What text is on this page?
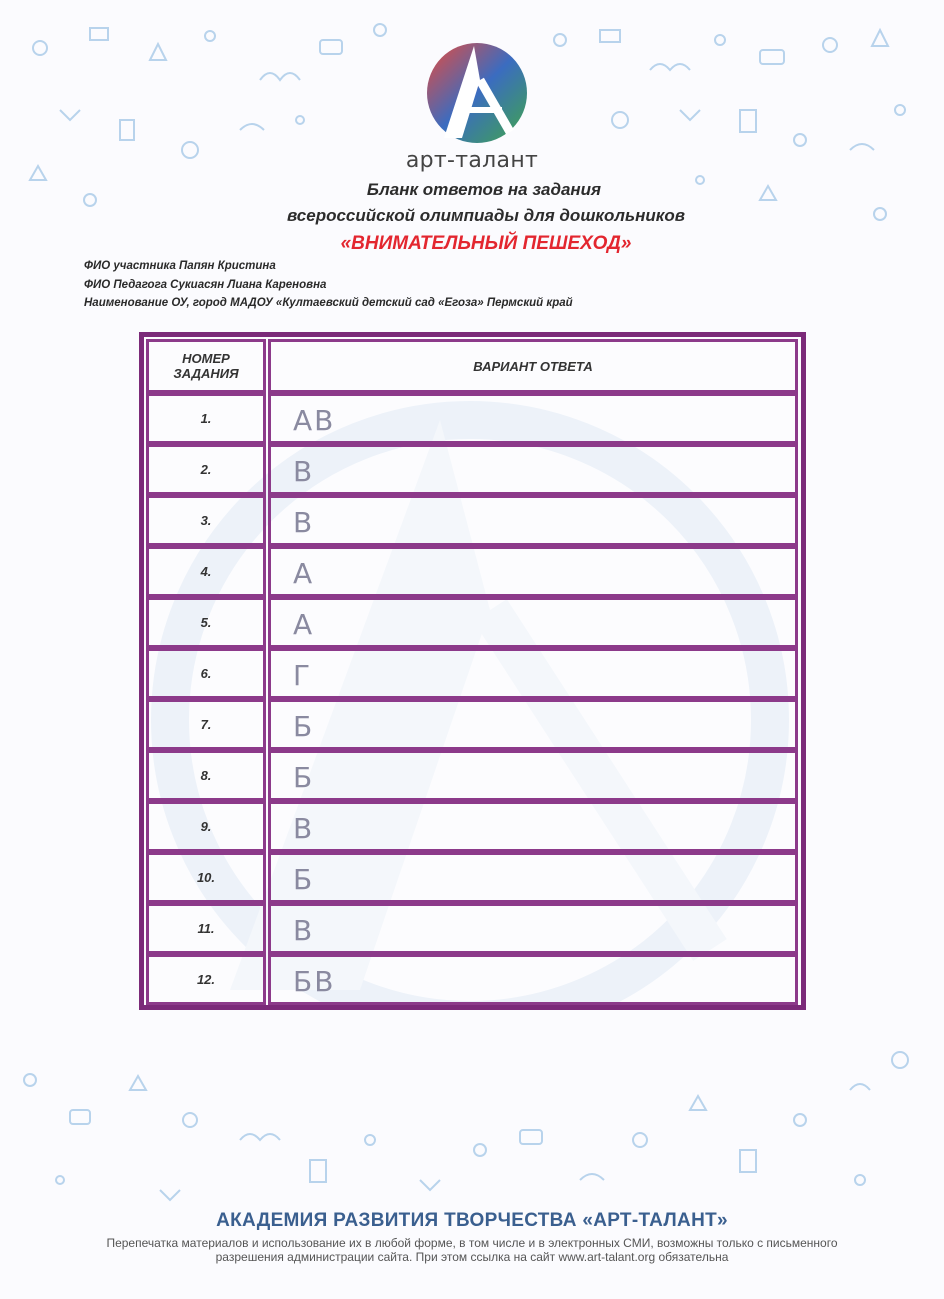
арт-талант
Бланк ответов на задания
всероссийской олимпиады для дошкольников
«ВНИМАТЕЛЬНЫЙ ПЕШЕХОД»
ФИО участника Папян Кристина
ФИО Педагога Сукиасян Лиана Кареновна
Наименование ОУ, город МАДОУ «Култаевский детский сад «Егоза» Пермский край
НОМЕР ЗАДАНИЯ	ВАРИАНТ ОТВЕТА
1.	АВ
2.	В
3.	В
4.	А
5.	А
6.	Г
7.	Б
8.	Б
9.	В
10.	Б
11.	В
12.	БВ
АКАДЕМИЯ РАЗВИТИЯ ТВОРЧЕСТВА «АРТ-ТАЛАНТ»
Перепечатка материалов и использование их в любой форме, в том числе и в электронных СМИ, возможны только с письменного разрешения администрации сайта. При этом ссылка на сайт www.art-talant.org обязательна
